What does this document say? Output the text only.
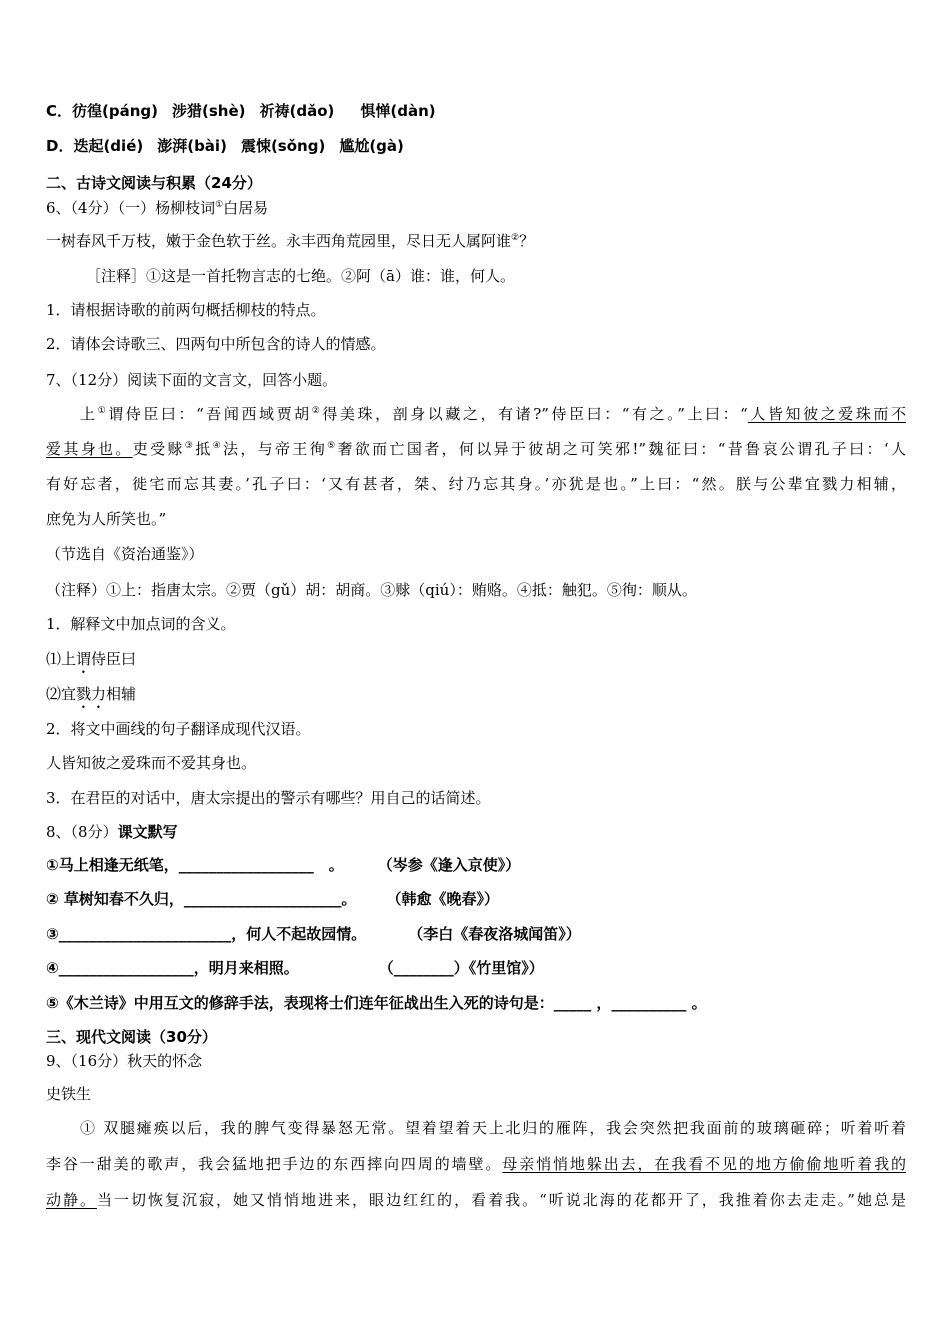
C．彷徨(páng) 涉猎(shè) 祈祷(dǎo) 惧惮(dàn)
D．迭起(dié) 澎湃(bài) 震悚(sǒng) 尴尬(gà)
二、古诗文阅读与积累（24分）
6、（4分）（一）杨柳枝词①白居易
一树春风千万枝，嫩于金色软于丝。永丰西角荒园里，尽日无人属阿谁②？
［注释］①这是一首托物言志的七绝。②阿（ā）谁：谁，何人。
1．请根据诗歌的前两句概括柳枝的特点。
2．请体会诗歌三、四两句中所包含的诗人的情感。
7、（12分）阅读下面的文言文，回答小题。
上①谓侍臣曰：“吾闻西域贾胡②得美珠，剖身以藏之，有诸?”侍臣曰：“有之。”上曰：“人皆知彼之爱珠而不
爱其身也。吏受赇③抵④法，与帝王徇⑤奢欲而亡国者，何以异于彼胡之可笑邪!”魏征曰：“昔鲁哀公谓孔子曰：‘人
有好忘者，徙宅而忘其妻。’孔子曰：‘又有甚者，桀、纣乃忘其身。’亦犹是也。”上曰：“然。朕与公辈宜戮力相辅，
庶免为人所笑也。”
（节选自《资治通鉴》）
（注释）①上：指唐太宗。②贾（gǔ）胡：胡商。③赇（qiú）：贿赂。④抵：触犯。⑤徇：顺从。
1．解释文中加点词的含义。
⑴上谓侍臣曰
⑵宜戮力相辅
2．将文中画线的句子翻译成现代汉语。
人皆知彼之爱珠而不爱其身也。
3．在君臣的对话中，唐太宗提出的警示有哪些？用自己的话简述。
8、（8分）课文默写
①马上相逢无纸笔，__________________　。 （岑参《逢入京使》）
② 草树知春不久归，_____________________。 （韩愈《晚春》）
③_______________________，何人不起故园情。	（李白《春夜洛城闻笛》）
④__________________，明月来相照。	（________）《竹里馆》）
⑤《木兰诗》中用互文的修辞手法，表现将士们连年征战出生入死的诗句是：_____ ，__________ 。
三、现代文阅读（30分）
9、（16分）秋天的怀念
史铁生
① 双腿瘫痪以后，我的脾气变得暴怒无常。望着望着天上北归的雁阵，我会突然把我面前的玻璃砸碎；听着听着
李谷一甜美的歌声，我会猛地把手边的东西摔向四周的墙壁。母亲悄悄地躲出去，在我看不见的地方偷偷地听着我的
动静。当一切恢复沉寂，她又悄悄地进来，眼边红红的，看着我。“听说北海的花都开了，我推着你去走走。”她总是
